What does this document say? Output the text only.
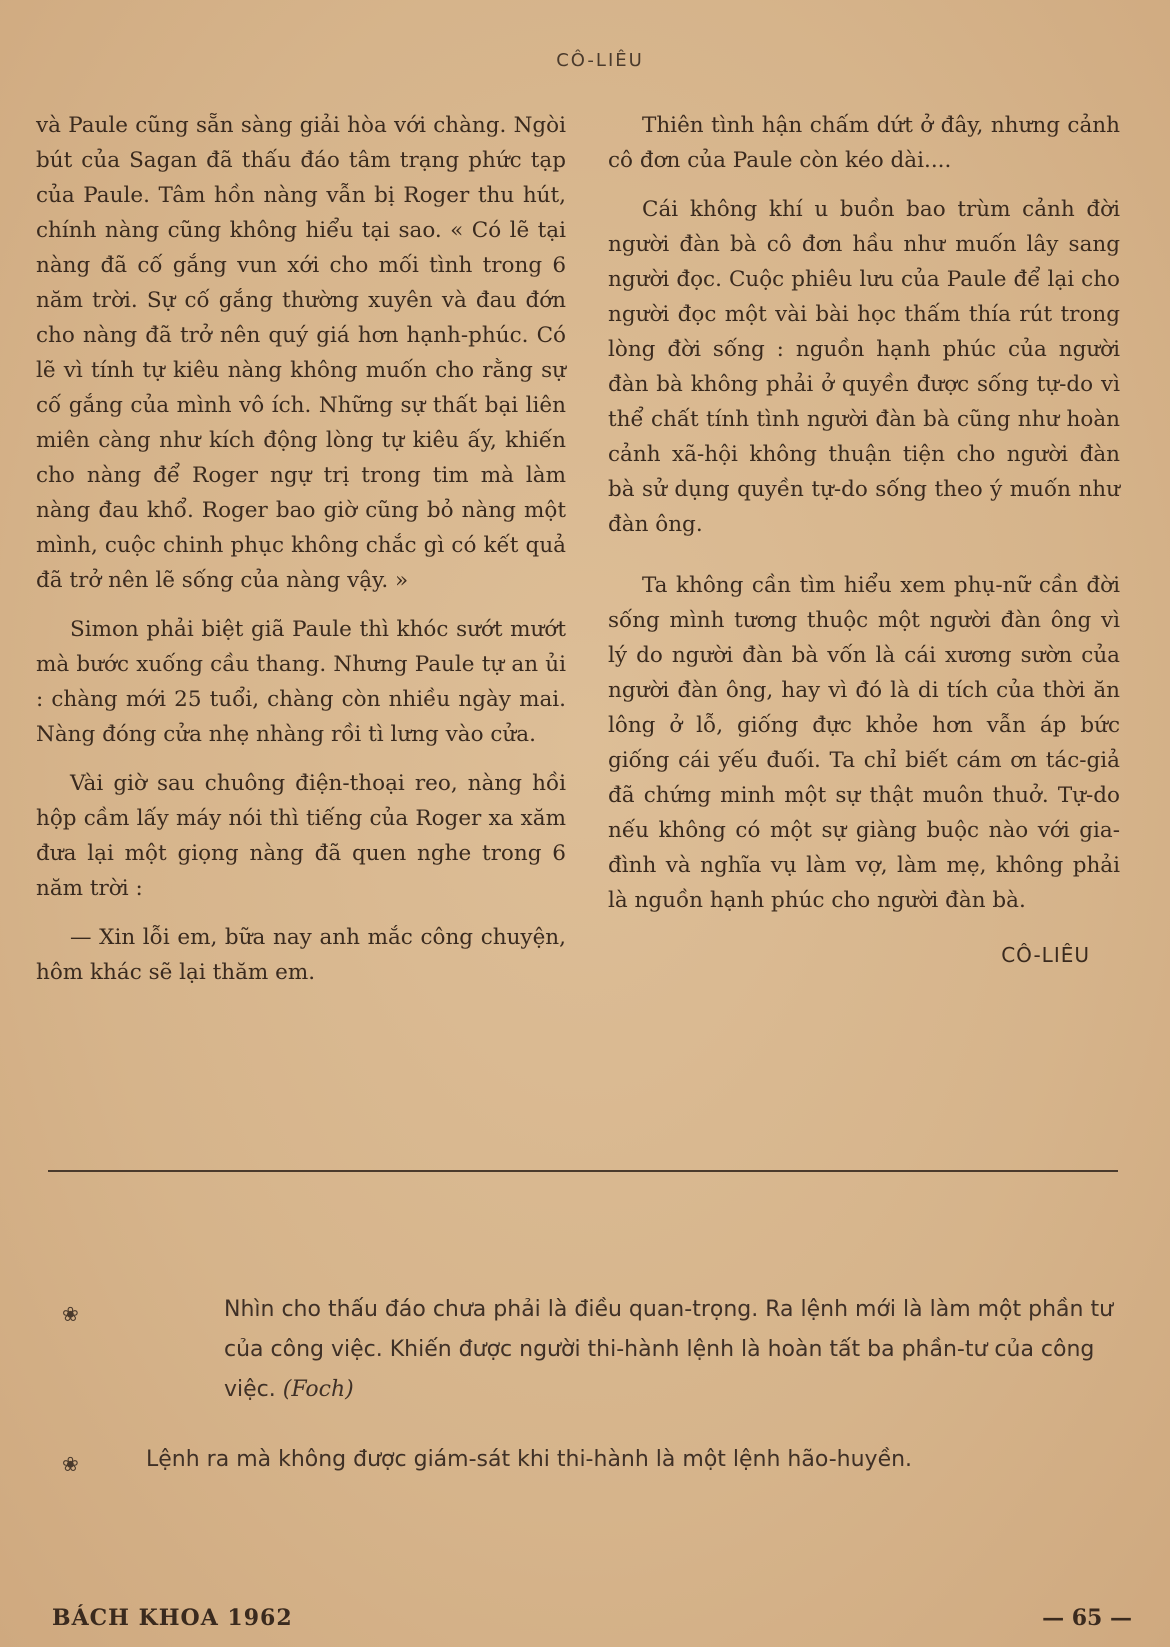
CÔ-LIÊU

và Paule cũng sẵn sàng giải hòa với chàng. Ngòi bút của Sagan đã thấu đáo tâm trạng phức tạp của Paule. Tâm hồn nàng vẫn bị Roger thu hút, chính nàng cũng không hiểu tại sao. « Có lẽ tại nàng đã cố gắng vun xới cho mối tình trong 6 năm trời. Sự cố gắng thường xuyên và đau đớn cho nàng đã trở nên quý giá hơn hạnh-phúc. Có lẽ vì tính tự kiêu nàng không muốn cho rằng sự cố gắng của mình vô ích. Những sự thất bại liên miên càng như kích động lòng tự kiêu ấy, khiến cho nàng để Roger ngự trị trong tim mà làm nàng đau khổ. Roger bao giờ cũng bỏ nàng một mình, cuộc chinh phục không chắc gì có kết quả đã trở nên lẽ sống của nàng vậy. »

Simon phải biệt giã Paule thì khóc sướt mướt mà bước xuống cầu thang. Nhưng Paule tự an ủi : chàng mới 25 tuổi, chàng còn nhiều ngày mai. Nàng đóng cửa nhẹ nhàng rồi tì lưng vào cửa.

Vài giờ sau chuông điện-thoại reo, nàng hồi hộp cầm lấy máy nói thì tiếng của Roger xa xăm đưa lại một giọng nàng đã quen nghe trong 6 năm trời :

— Xin lỗi em, bữa nay anh mắc công chuyện, hôm khác sẽ lại thăm em.

Thiên tình hận chấm dứt ở đây, nhưng cảnh cô đơn của Paule còn kéo dài....

Cái không khí u buồn bao trùm cảnh đời người đàn bà cô đơn hầu như muốn lây sang người đọc. Cuộc phiêu lưu của Paule để lại cho người đọc một vài bài học thấm thía rút trong lòng đời sống : nguồn hạnh phúc của người đàn bà không phải ở quyền được sống tự-do vì thể chất tính tình người đàn bà cũng như hoàn cảnh xã-hội không thuận tiện cho người đàn bà sử dụng quyền tự-do sống theo ý muốn như đàn ông.

Ta không cần tìm hiểu xem phụ-nữ cần đời sống mình tương thuộc một người đàn ông vì lý do người đàn bà vốn là cái xương sườn của người đàn ông, hay vì đó là di tích của thời ăn lông ở lỗ, giống đực khỏe hơn vẫn áp bức giống cái yếu đuối. Ta chỉ biết cám ơn tác-giả đã chứng minh một sự thật muôn thuở. Tự-do nếu không có một sự giàng buộc nào với gia-đình và nghĩa vụ làm vợ, làm mẹ, không phải là nguồn hạnh phúc cho người đàn bà.

CÔ-LIÊU
❀	Nhìn cho thấu đáo chưa phải là điều quan-trọng. Ra lệnh mới là làm một phần tư của công việc. Khiến được người thi-hành lệnh là hoàn tất ba phần-tư của công việc. (Foch)
❀	Lệnh ra mà không được giám-sát khi thi-hành là một lệnh hão-huyền.
BÁCH KHOA 1962	— 65 —
